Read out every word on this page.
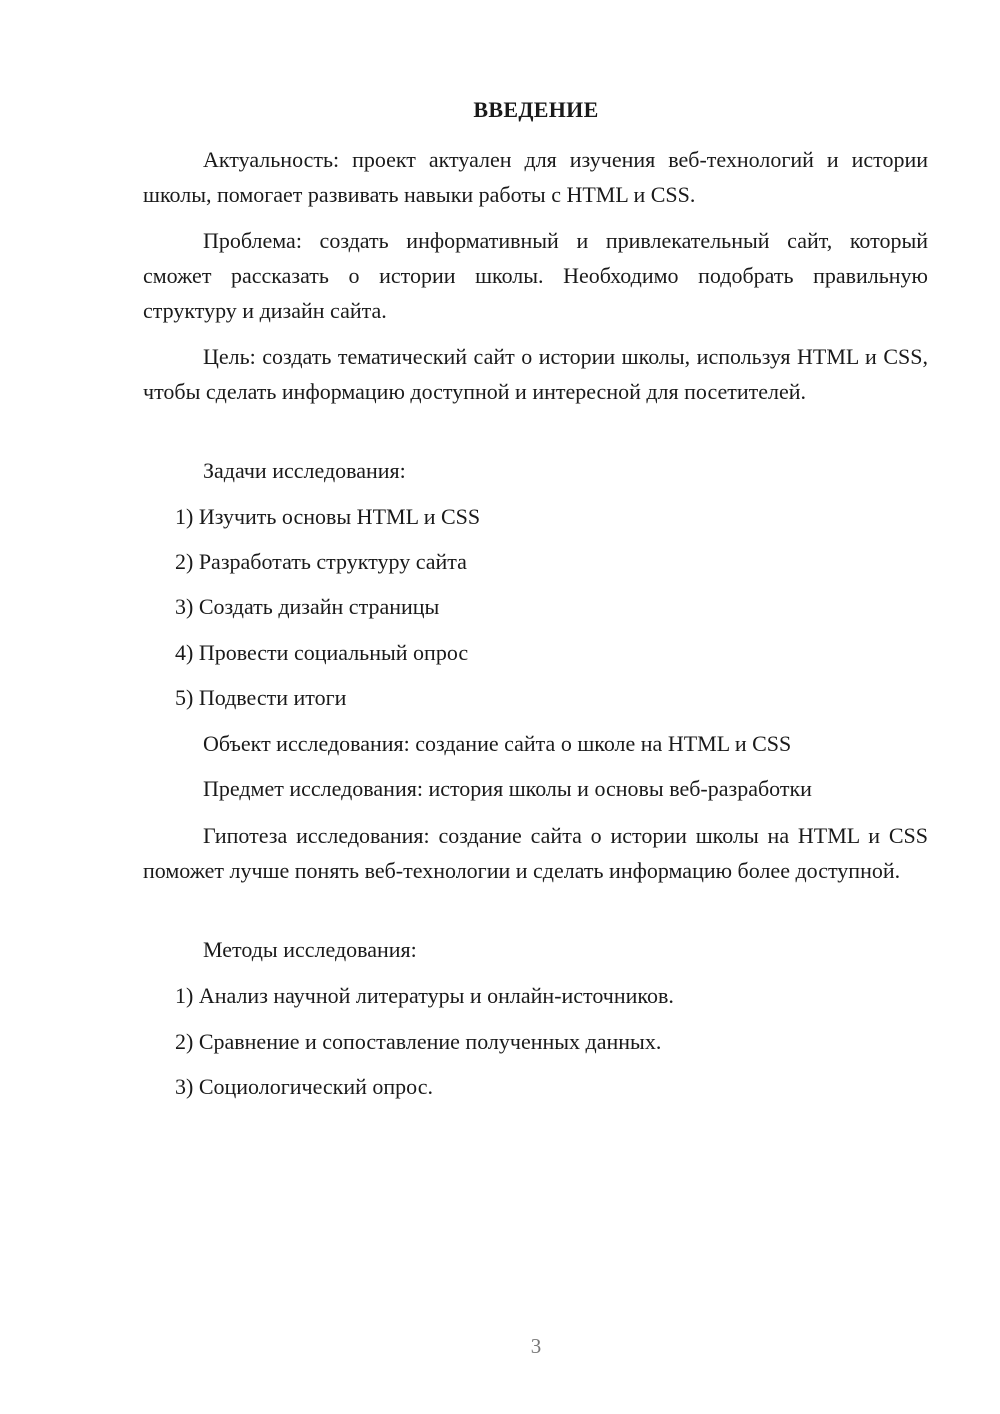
ВВЕДЕНИЕ
Актуальность: проект актуален для изучения веб-технологий и истории школы, помогает развивать навыки работы с HTML и CSS.
Проблема: создать информативный и привлекательный сайт, который сможет рассказать о истории школы. Необходимо подобрать правильную структуру и дизайн сайта.
Цель: создать тематический сайт о истории школы, используя HTML и CSS, чтобы сделать информацию доступной и интересной для посетителей.
Задачи исследования:
1) Изучить основы HTML и CSS
2) Разработать структуру сайта
3) Создать дизайн страницы
4) Провести социальный опрос
5) Подвести итоги
Объект исследования: создание сайта о школе на HTML и CSS
Предмет исследования: история школы и основы веб-разработки
Гипотеза исследования: создание сайта о истории школы на HTML и CSS поможет лучше понять веб-технологии и сделать информацию более доступной.
Методы исследования:
1) Анализ научной литературы и онлайн-источников.
2) Сравнение и сопоставление полученных данных.
3) Социологический опрос.
3
